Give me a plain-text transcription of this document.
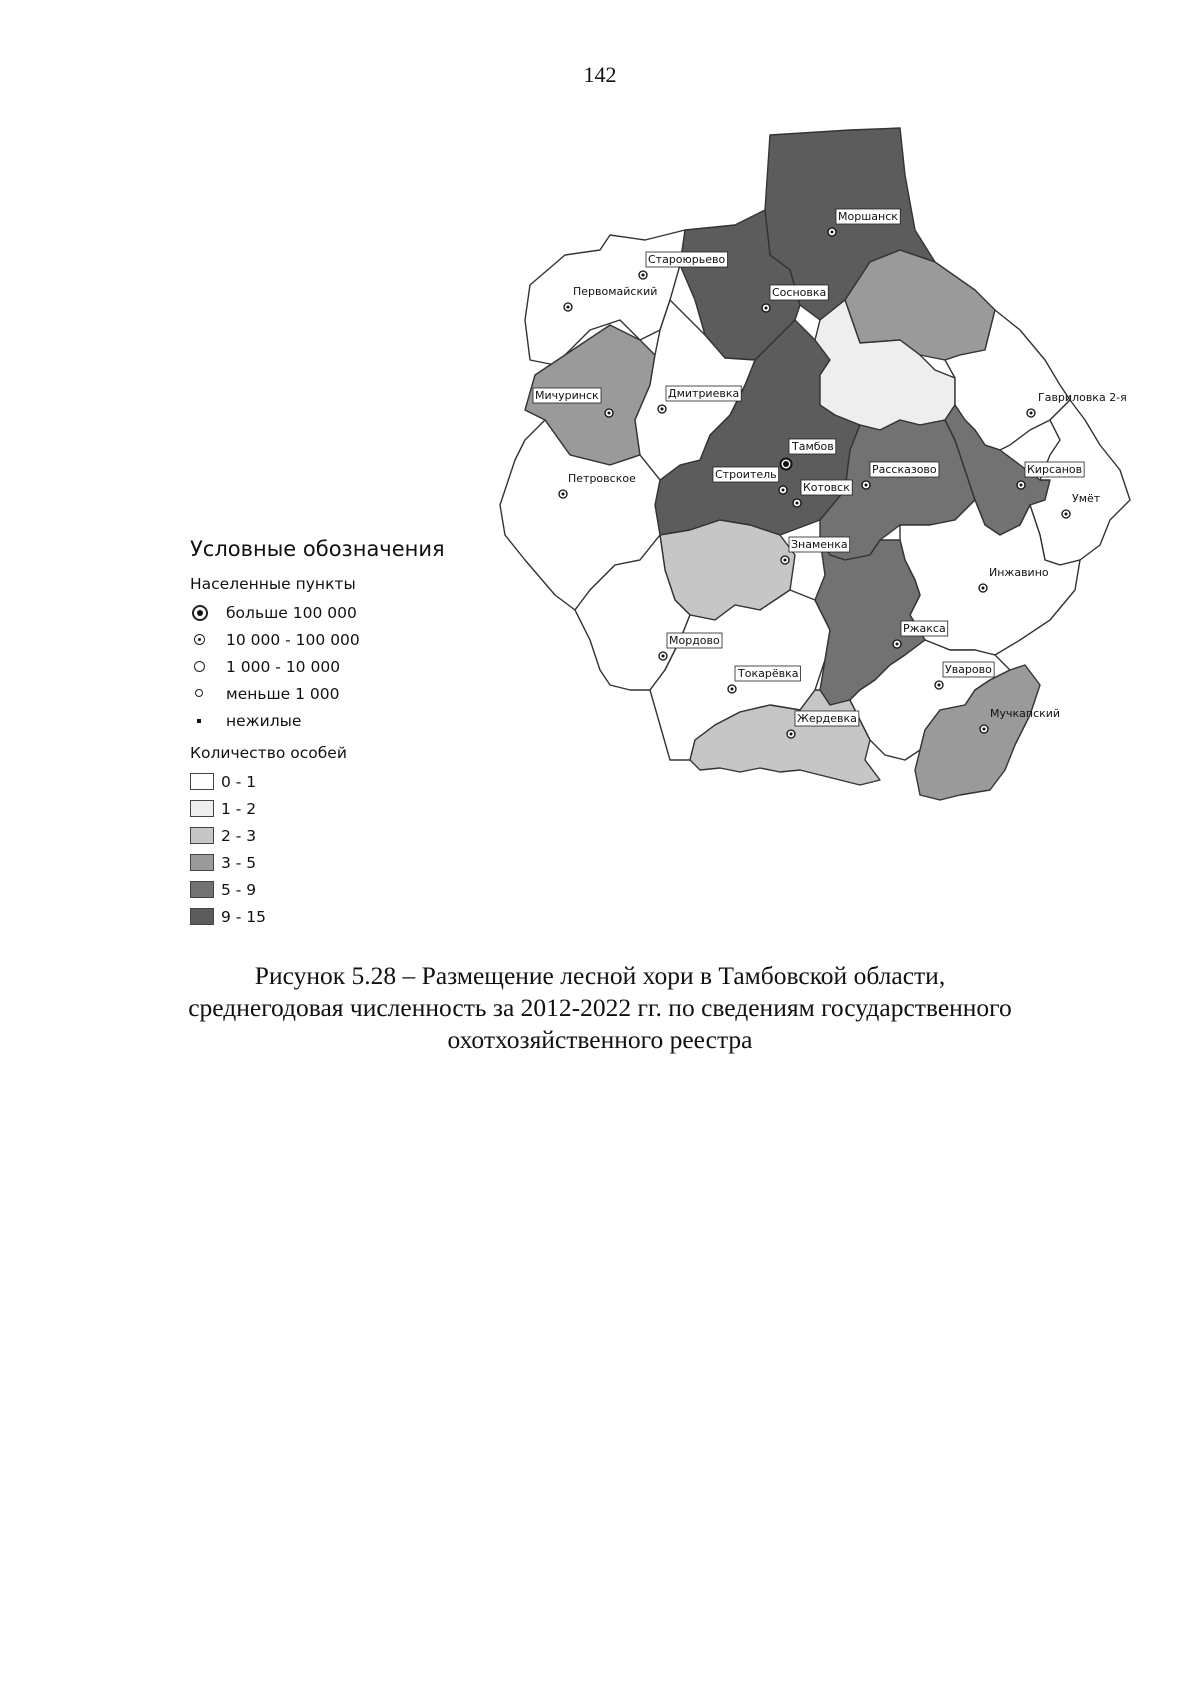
142
Моршанск
Староюрьево
Первомайский	Сосновка
Мичуринск	Дмитриевка	Гавриловка 2-я
Тамбов
Рассказово	Кирсанов
Петровское	Строитель
Котовск
Умёт
Знаменка
Инжавино
Ржакса
Мордово
Токарёвка	Уварово
Жердевка	Мучкапский
Условные обозначения
Населенные пункты
больше 100 000
10 000 - 100 000
1 000 - 10 000
меньше 1 000
нежилые
Количество особей
0 - 1
1 - 2
2 - 3
3 - 5
5 - 9
9 - 15
Рисунок 5.28 – Размещение лесной хори в Тамбовской области,
среднегодовая численность за 2012-2022 гг. по сведениям государственного
охотхозяйственного реестра
